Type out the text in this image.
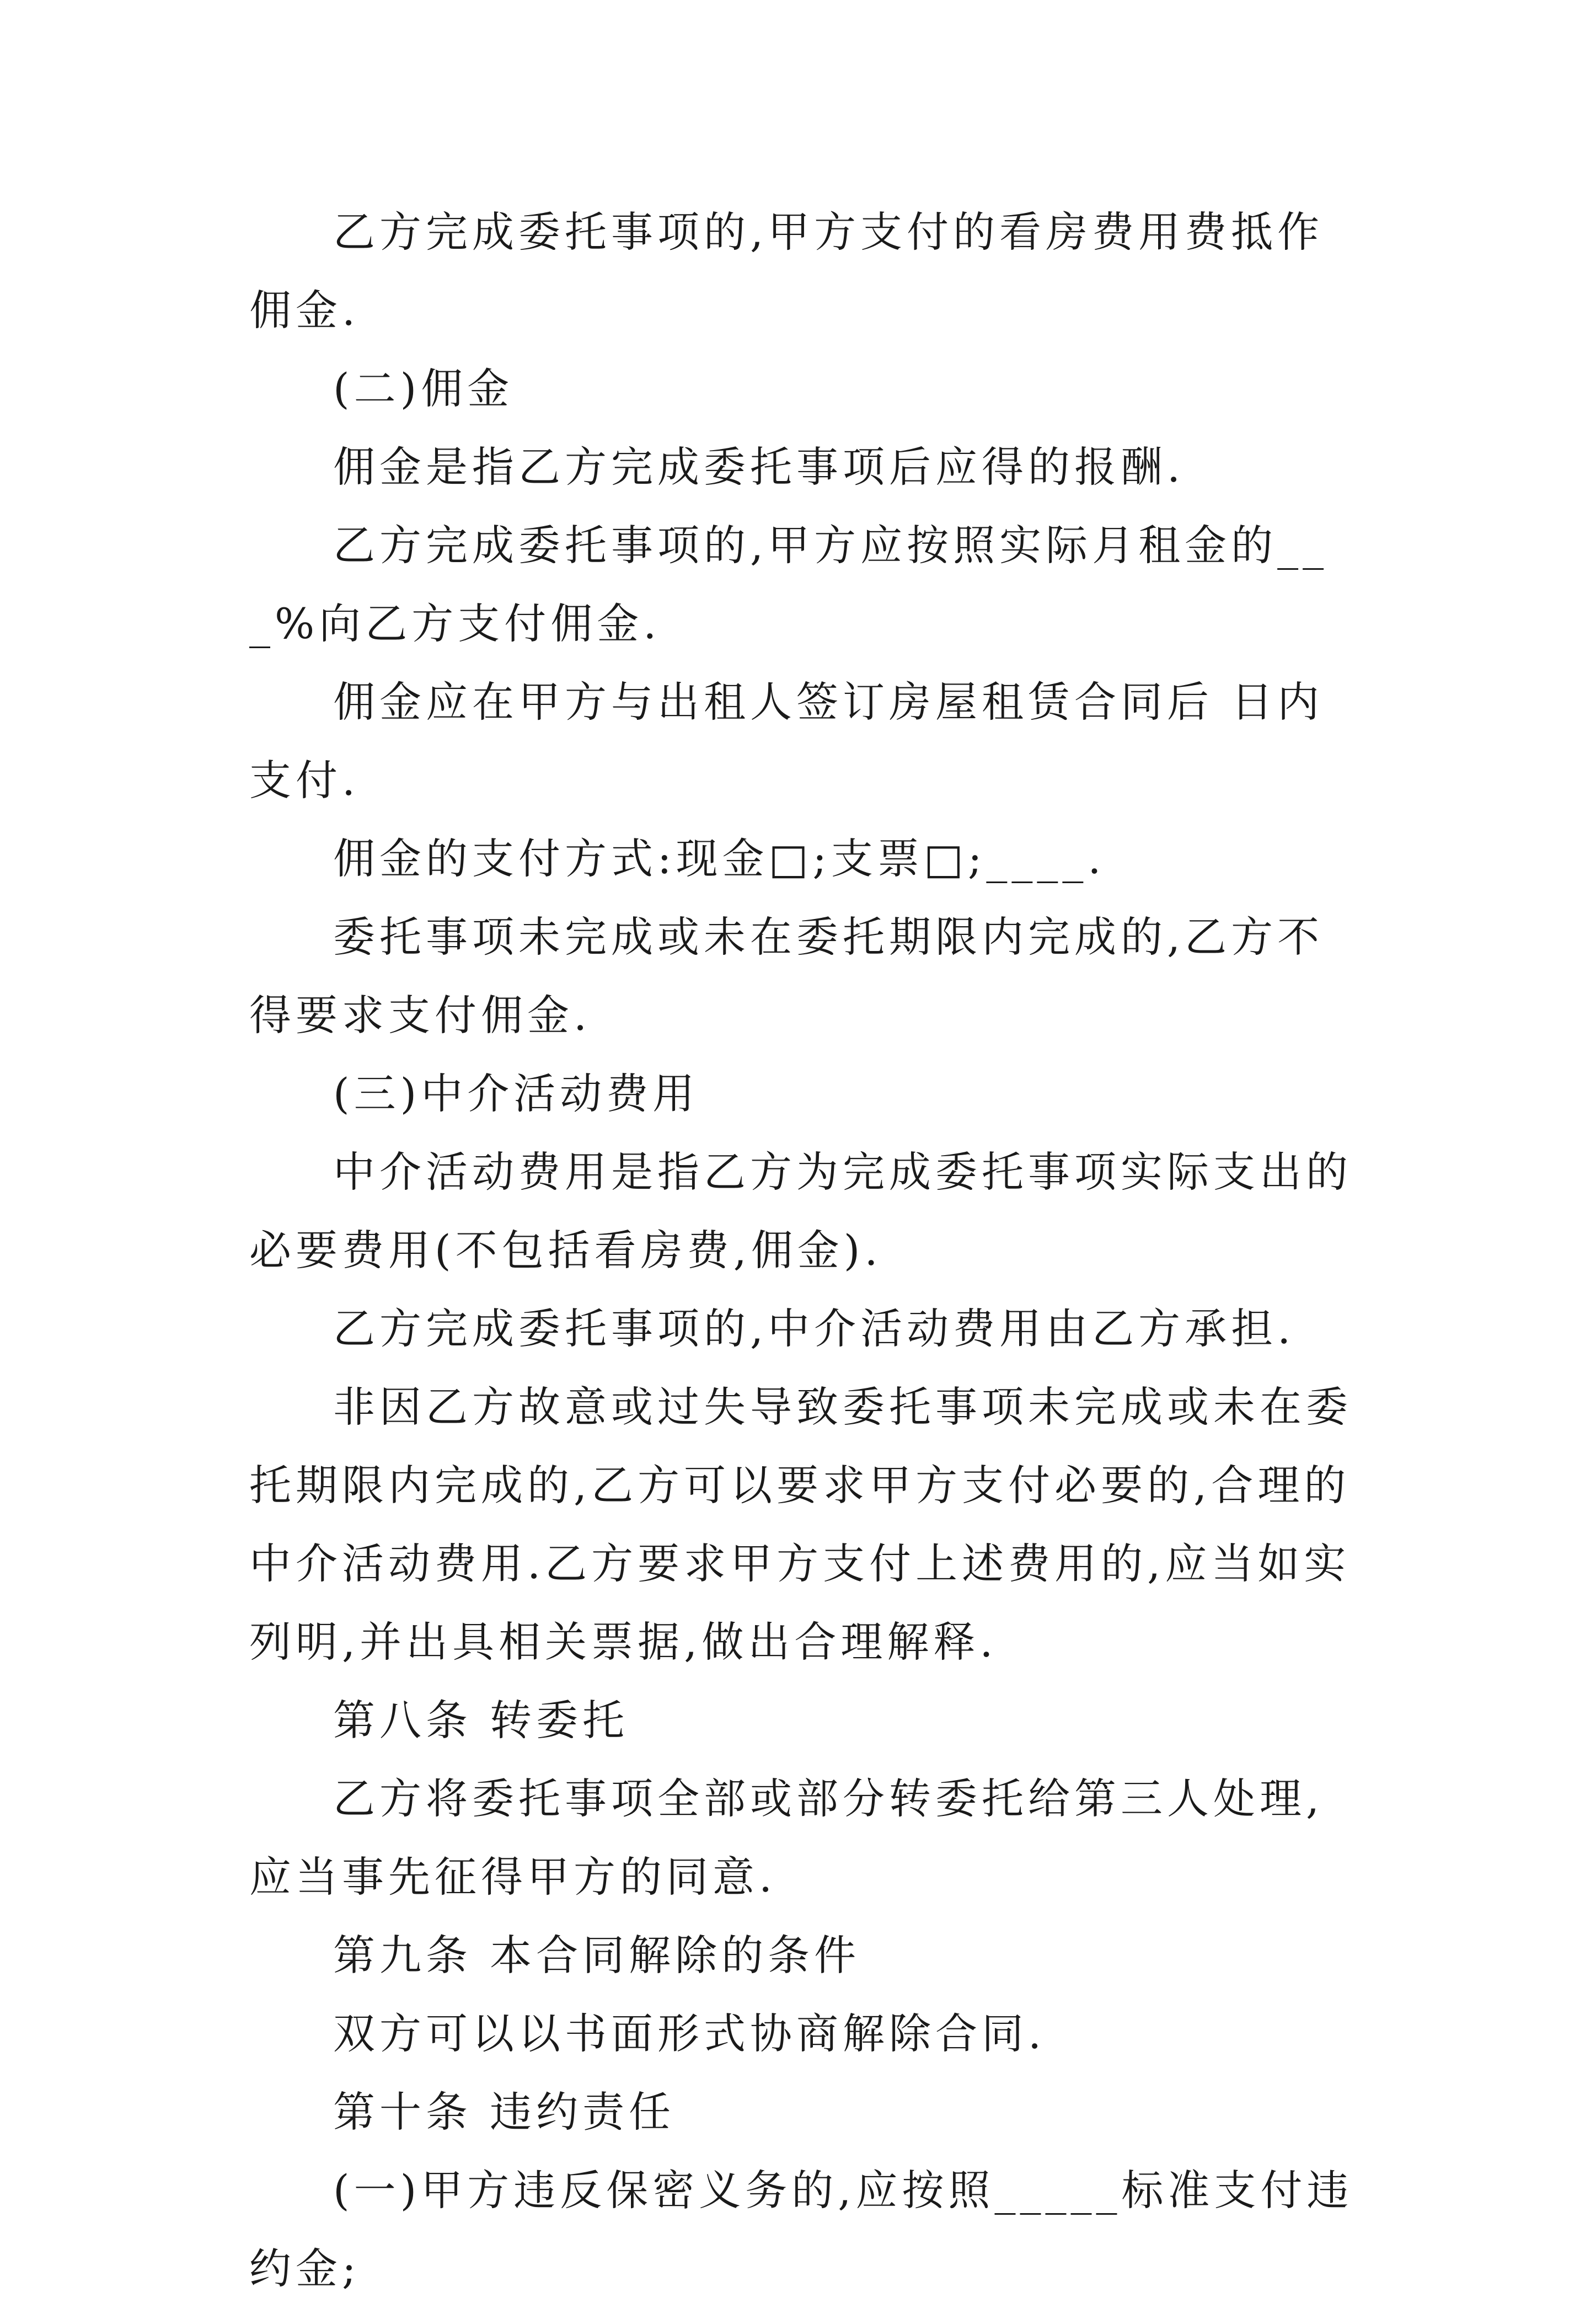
乙方完成委托事项的,甲方支付的看房费用费抵作佣金.

(二)佣金

佣金是指乙方完成委托事项后应得的报酬.

乙方完成委托事项的,甲方应按照实际月租金的___%向乙方支付佣金.

佣金应在甲方与出租人签订房屋租赁合同后 日内支付.

佣金的支付方式:现金□;支票□;____.

委托事项未完成或未在委托期限内完成的,乙方不得要求支付佣金.

(三)中介活动费用

中介活动费用是指乙方为完成委托事项实际支出的必要费用(不包括看房费,佣金).

乙方完成委托事项的,中介活动费用由乙方承担.

非因乙方故意或过失导致委托事项未完成或未在委托期限内完成的,乙方可以要求甲方支付必要的,合理的中介活动费用.乙方要求甲方支付上述费用的,应当如实列明,并出具相关票据,做出合理解释.

第八条 转委托

乙方将委托事项全部或部分转委托给第三人处理,应当事先征得甲方的同意.

第九条 本合同解除的条件

双方可以以书面形式协商解除合同.

第十条 违约责任

(一)甲方违反保密义务的,应按照_____标准支付违约金;
